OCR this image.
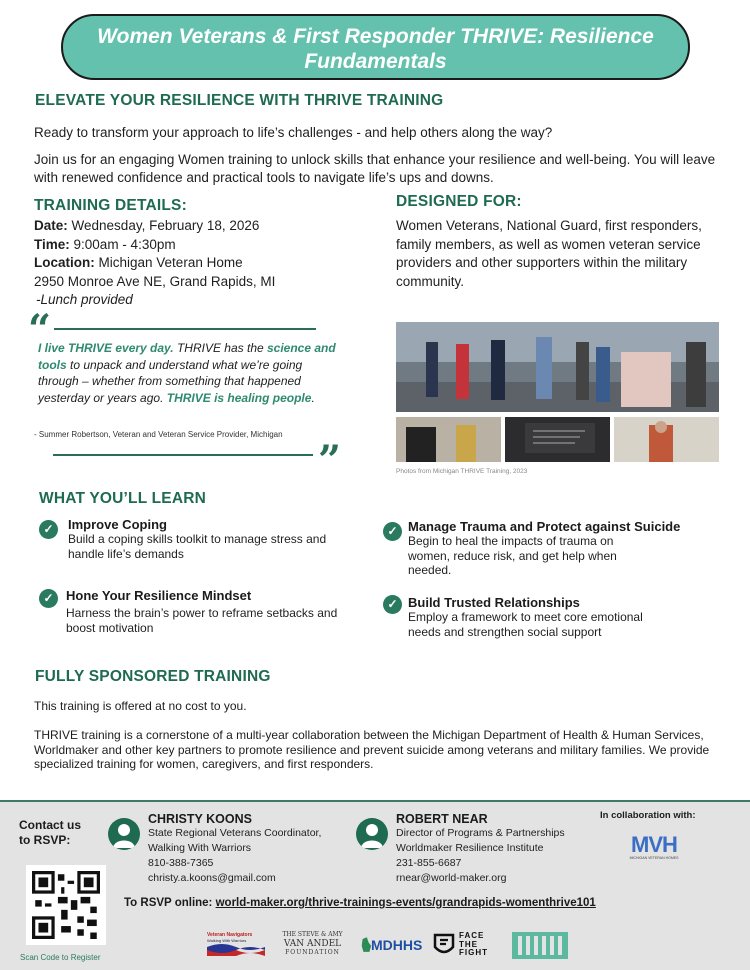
Women Veterans & First Responder THRIVE: Resilience Fundamentals
ELEVATE YOUR RESILIENCE WITH THRIVE TRAINING
Ready to transform your approach to life’s challenges - and help others along the way?
Join us for an engaging Women training to unlock skills that enhance your resilience and well-being. You will leave with renewed confidence and practical tools to navigate life’s ups and downs.
TRAINING DETAILS:
Date: Wednesday, February 18, 2026
Time: 9:00am - 4:30pm
Location: Michigan Veteran Home
2950 Monroe Ave NE, Grand Rapids, MI
-Lunch provided
DESIGNED FOR:
Women Veterans, National Guard, first responders, family members, as well as women veteran service providers and other supporters within the military community.
“
I live THRIVE every day. THRIVE has the science and tools to unpack and understand what we’re going through – whether from something that happened yesterday or years ago. THRIVE is healing people.
- Summer Robertson, Veteran and Veteran Service Provider, Michigan
”	Photos from Michigan THRIVE Training, 2023
WHAT YOU’LL LEARN
✓	Improve Coping
Build a coping skills toolkit to manage stress and handle life’s demands
✓ Hone Your Resilience Mindset
Harness the brain’s power to reframe setbacks and boost motivation
✓ Manage Trauma and Protect against Suicide
Begin to heal the impacts of trauma on women, reduce risk, and get help when needed.
✓ Build Trusted Relationships
Employ a framework to meet core emotional needs and strengthen social support
FULLY SPONSORED TRAINING
This training is offered at no cost to you.
THRIVE training is a cornerstone of a multi-year collaboration between the Michigan Department of Health & Human Services, Worldmaker and other key partners to promote resilience and prevent suicide among veterans and military families. We provide specialized training for women, caregivers, and first responders.
Contact us to RSVP:
Scan Code to Register
CHRISTY KOONS
State Regional Veterans Coordinator,
Walking With Warriors
810-388-7365
christy.a.koons@gmail.com
ROBERT NEAR
Director of Programs & Partnerships
Worldmaker Resilience Institute
231-855-6687
rnear@world-maker.org
In collaboration with:
MVH
MICHIGAN VETERAN HOMES
To RSVP online: world-maker.org/thrive-trainings-events/grandrapids-womenthrive101
Veteran Navigators
Walking With Warriors
THE STEVE & AMY
VAN ANDEL
FOUNDATION	MDHHS
FACE
THE
FIGHT
